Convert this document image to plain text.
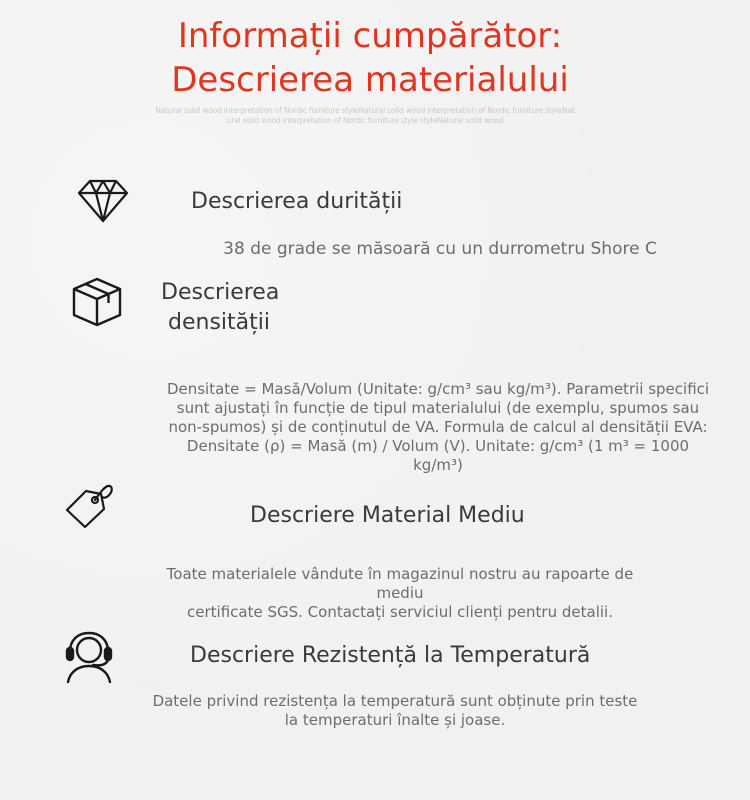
Informații cumpărător:
Descrierea materialului
Natural solid wood interpretation of Nordic furniture styleNatural solid wood interpretation of Nordic furniture styleNat
ural solid wood interpretation of Nordic furniture style styleNatural solid wood
Descrierea durității
38 de grade se măsoară cu un durrometru Shore C
Descrierea
densității
Densitate = Masă/Volum (Unitate: g/cm³ sau kg/m³). Parametrii specifici
sunt ajustați în funcție de tipul materialului (de exemplu, spumos sau
non-spumos) și de conținutul de VA. Formula de calcul al densității EVA:
Densitate (ρ) = Masă (m) / Volum (V). Unitate: g/cm³ (1 m³ = 1000 kg/m³)
Descriere Material Mediu
Toate materialele vândute în magazinul nostru au rapoarte de mediu
certificate SGS. Contactați serviciul clienți pentru detalii.
Descriere Rezistență la Temperatură
Datele privind rezistența la temperatură sunt obținute prin teste
la temperaturi înalte și joase.
